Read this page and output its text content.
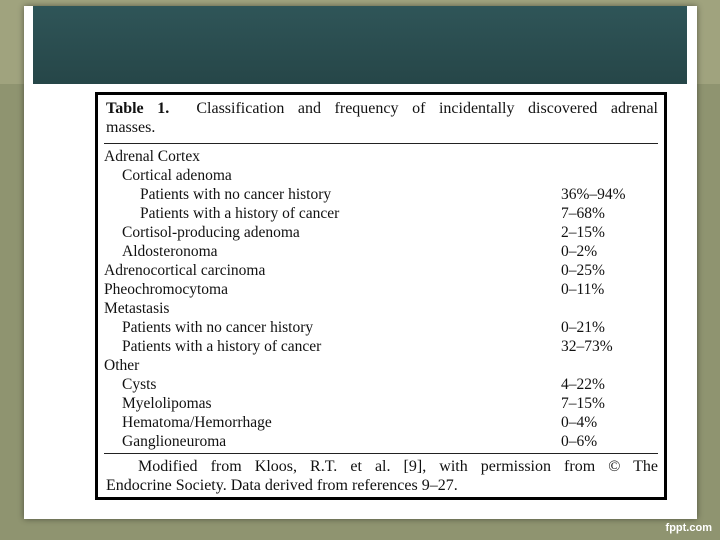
Table 1. Classification and frequency of incidentally discovered adrenal
masses.
Adrenal Cortex
Cortical adenoma
Patients with no cancer history	36%–94%
Patients with a history of cancer	7–68%
Cortisol-producing adenoma	2–15%
Aldosteronoma	0–2%
Adrenocortical carcinoma	0–25%
Pheochromocytoma	0–11%
Metastasis
Patients with no cancer history	0–21%
Patients with a history of cancer	32–73%
Other
Cysts	4–22%
Myelolipomas	7–15%
Hematoma/Hemorrhage	0–4%
Ganglioneuroma	0–6%
Modified from Kloos, R.T. et al. [9], with permission from © The
Endocrine Society. Data derived from references 9–27.
fppt.com
